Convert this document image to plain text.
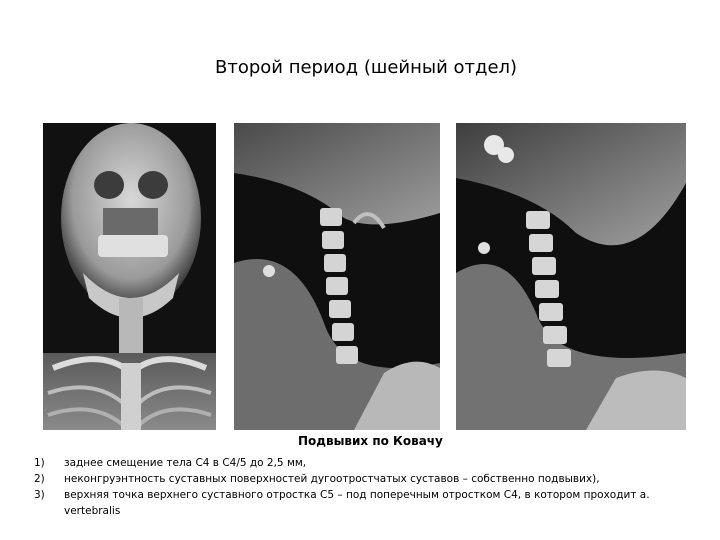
Второй период (шейный отдел)
Подвывих по Ковачу
1) заднее смещение тела С4 в С4/5 до 2,5 мм,
2) неконгруэнтность суставных поверхностей дугоотростчатых суставов – собственно подвывих),
3) верхняя точка верхнего суставного отростка С5 – под поперечным отростком С4, в котором проходит a. vertebralis
